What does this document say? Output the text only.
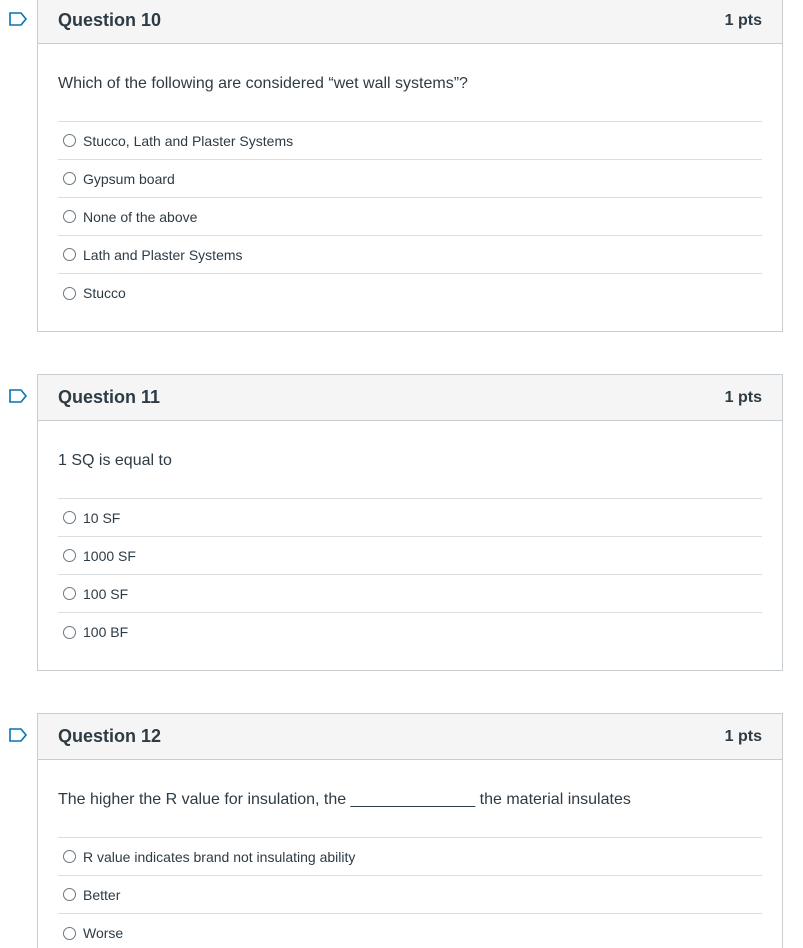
Question 10	1 pts
Which of the following are considered “wet wall systems”?
Stucco, Lath and Plaster Systems
Gypsum board
None of the above
Lath and Plaster Systems
Stucco
Question 11	1 pts
1 SQ is equal to
10 SF
1000 SF
100 SF
100 BF
Question 12	1 pts
The higher the R value for insulation, the ______________ the material insulates
R value indicates brand not insulating ability
Better
Worse
